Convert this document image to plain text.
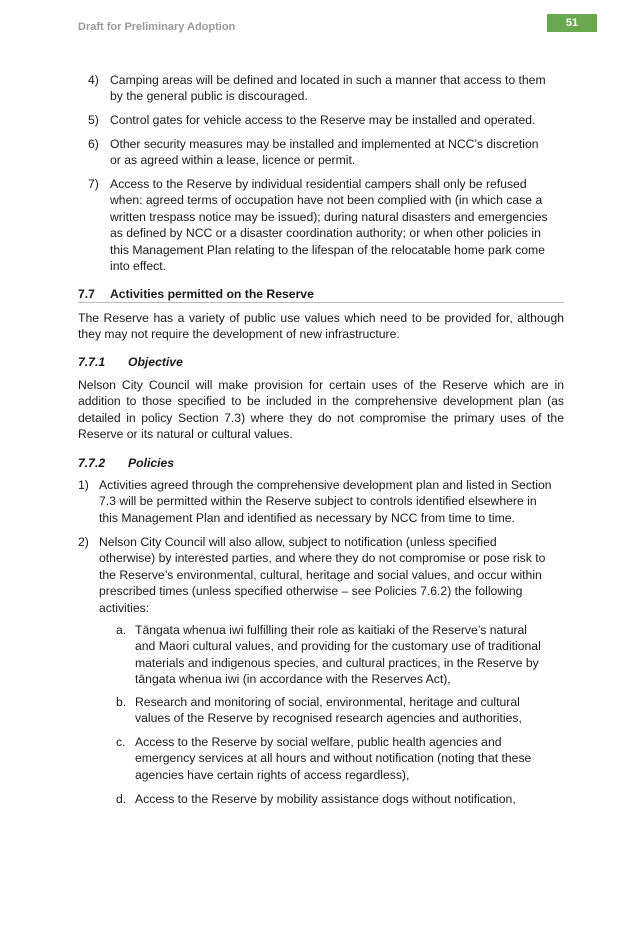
Draft for Preliminary Adoption	51
4) Camping areas will be defined and located in such a manner that access to them
by the general public is discouraged.
5) Control gates for vehicle access to the Reserve may be installed and operated.
6) Other security measures may be installed and implemented at NCC’s discretion
or as agreed within a lease, licence or permit.
7) Access to the Reserve by individual residential campers shall only be refused
when: agreed terms of occupation have not been complied with (in which case a
written trespass notice may be issued); during natural disasters and emergencies
as defined by NCC or a disaster coordination authority; or when other policies in
this Management Plan relating to the lifespan of the relocatable home park come
into effect.
7.7 Activities permitted on the Reserve
The Reserve has a variety of public use values which need to be provided for, although they may not require the development of new infrastructure.
7.7.1 Objective
Nelson City Council will make provision for certain uses of the Reserve which are in addition to those specified to be included in the comprehensive development plan (as detailed in policy Section 7.3) where they do not compromise the primary uses of the Reserve or its natural or cultural values.
7.7.2 Policies
1) Activities agreed through the comprehensive development plan and listed in Section
7.3 will be permitted within the Reserve subject to controls identified elsewhere in
this Management Plan and identified as necessary by NCC from time to time.
2) Nelson City Council will also allow, subject to notification (unless specified
otherwise) by interested parties, and where they do not compromise or pose risk to
the Reserve’s environmental, cultural, heritage and social values, and occur within
prescribed times (unless specified otherwise – see Policies 7.6.2) the following
activities:
a. Tāngata whenua iwi fulfilling their role as kaitiaki of the Reserve’s natural
and Maori cultural values, and providing for the customary use of traditional
materials and indigenous species, and cultural practices, in the Reserve by
tāngata whenua iwi (in accordance with the Reserves Act),
b. Research and monitoring of social, environmental, heritage and cultural
values of the Reserve by recognised research agencies and authorities,
c. Access to the Reserve by social welfare, public health agencies and
emergency services at all hours and without notification (noting that these
agencies have certain rights of access regardless),
d. Access to the Reserve by mobility assistance dogs without notification,
